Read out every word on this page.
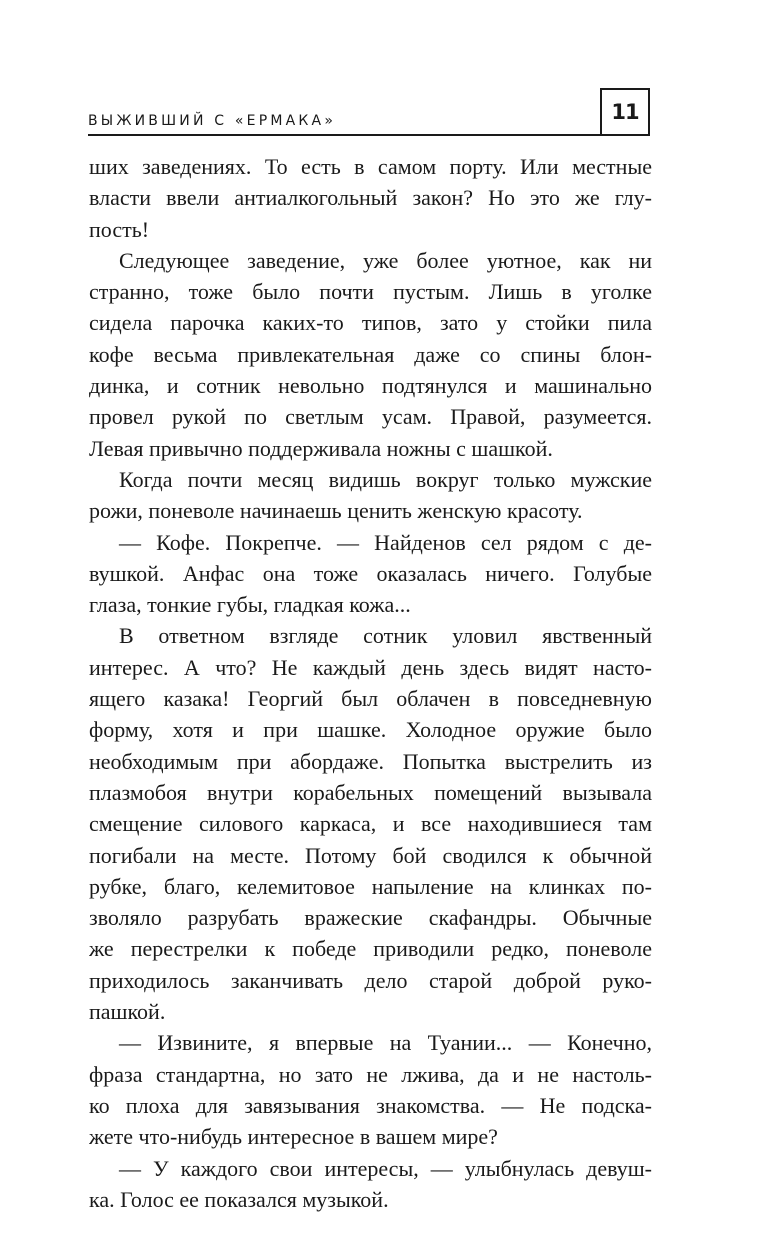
ВЫЖИВШИЙ С «ЕРМАКА»	11
ших заведениях. То есть в самом порту. Или местные
власти ввели антиалкогольный закон? Но это же глу-
пость!
Следующее заведение, уже более уютное, как ни
странно, тоже было почти пустым. Лишь в уголке
сидела парочка каких-то типов, зато у стойки пила
кофе весьма привлекательная даже со спины блон-
динка, и сотник невольно подтянулся и машинально
провел рукой по светлым усам. Правой, разумеется.
Левая привычно поддерживала ножны с шашкой.
Когда почти месяц видишь вокруг только мужские
рожи, поневоле начинаешь ценить женскую красоту.
— Кофе. Покрепче. — Найденов сел рядом с де-
вушкой. Анфас она тоже оказалась ничего. Голубые
глаза, тонкие губы, гладкая кожа...
В ответном взгляде сотник уловил явственный
интерес. А что? Не каждый день здесь видят насто-
ящего казака! Георгий был облачен в повседневную
форму, хотя и при шашке. Холодное оружие было
необходимым при абордаже. Попытка выстрелить из
плазмобоя внутри корабельных помещений вызывала
смещение силового каркаса, и все находившиеся там
погибали на месте. Потому бой сводился к обычной
рубке, благо, келемитовое напыление на клинках по-
зволяло разрубать вражеские скафандры. Обычные
же перестрелки к победе приводили редко, поневоле
приходилось заканчивать дело старой доброй руко-
пашкой.
— Извините, я впервые на Туании... — Конечно,
фраза стандартна, но зато не лжива, да и не настоль-
ко плоха для завязывания знакомства. — Не подска-
жете что-нибудь интересное в вашем мире?
— У каждого свои интересы, — улыбнулась девуш-
ка. Голос ее показался музыкой.
